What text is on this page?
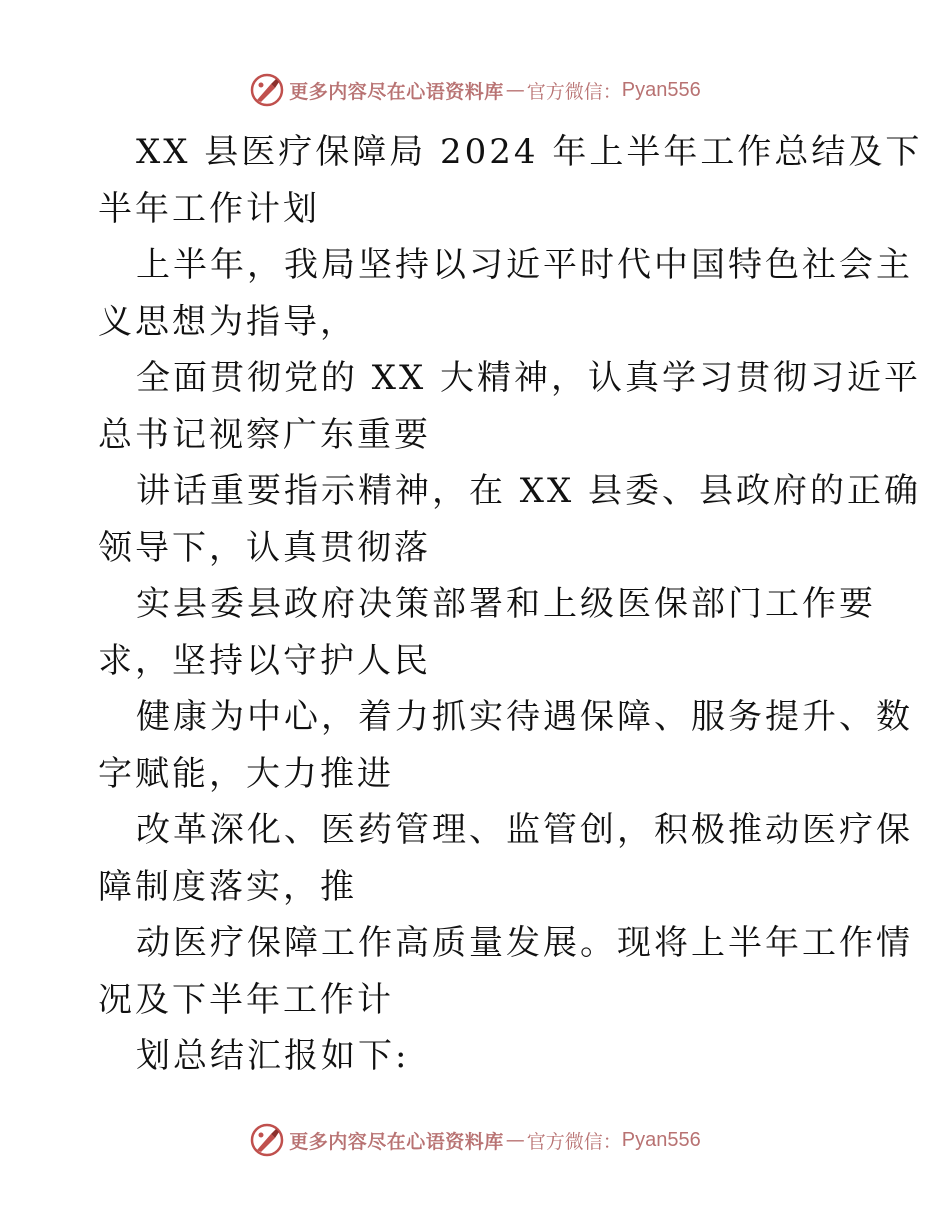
更多内容尽在心语资料库 — 官方微信： Pyan556
XX 县医疗保障局 2024 年上半年工作总结及下
半年工作计划
上半年，我局坚持以习近平时代中国特色社会主
义思想为指导，
全面贯彻党的 XX 大精神，认真学习贯彻习近平
总书记视察广东重要
讲话重要指示精神，在 XX 县委、县政府的正确
领导下，认真贯彻落
实县委县政府决策部署和上级医保部门工作要
求，坚持以守护人民
健康为中心，着力抓实待遇保障、服务提升、数
字赋能，大力推进
改革深化、医药管理、监管创，积极推动医疗保
障制度落实，推
动医疗保障工作高质量发展。现将上半年工作情
况及下半年工作计
划总结汇报如下:
更多内容尽在心语资料库 — 官方微信： Pyan556
